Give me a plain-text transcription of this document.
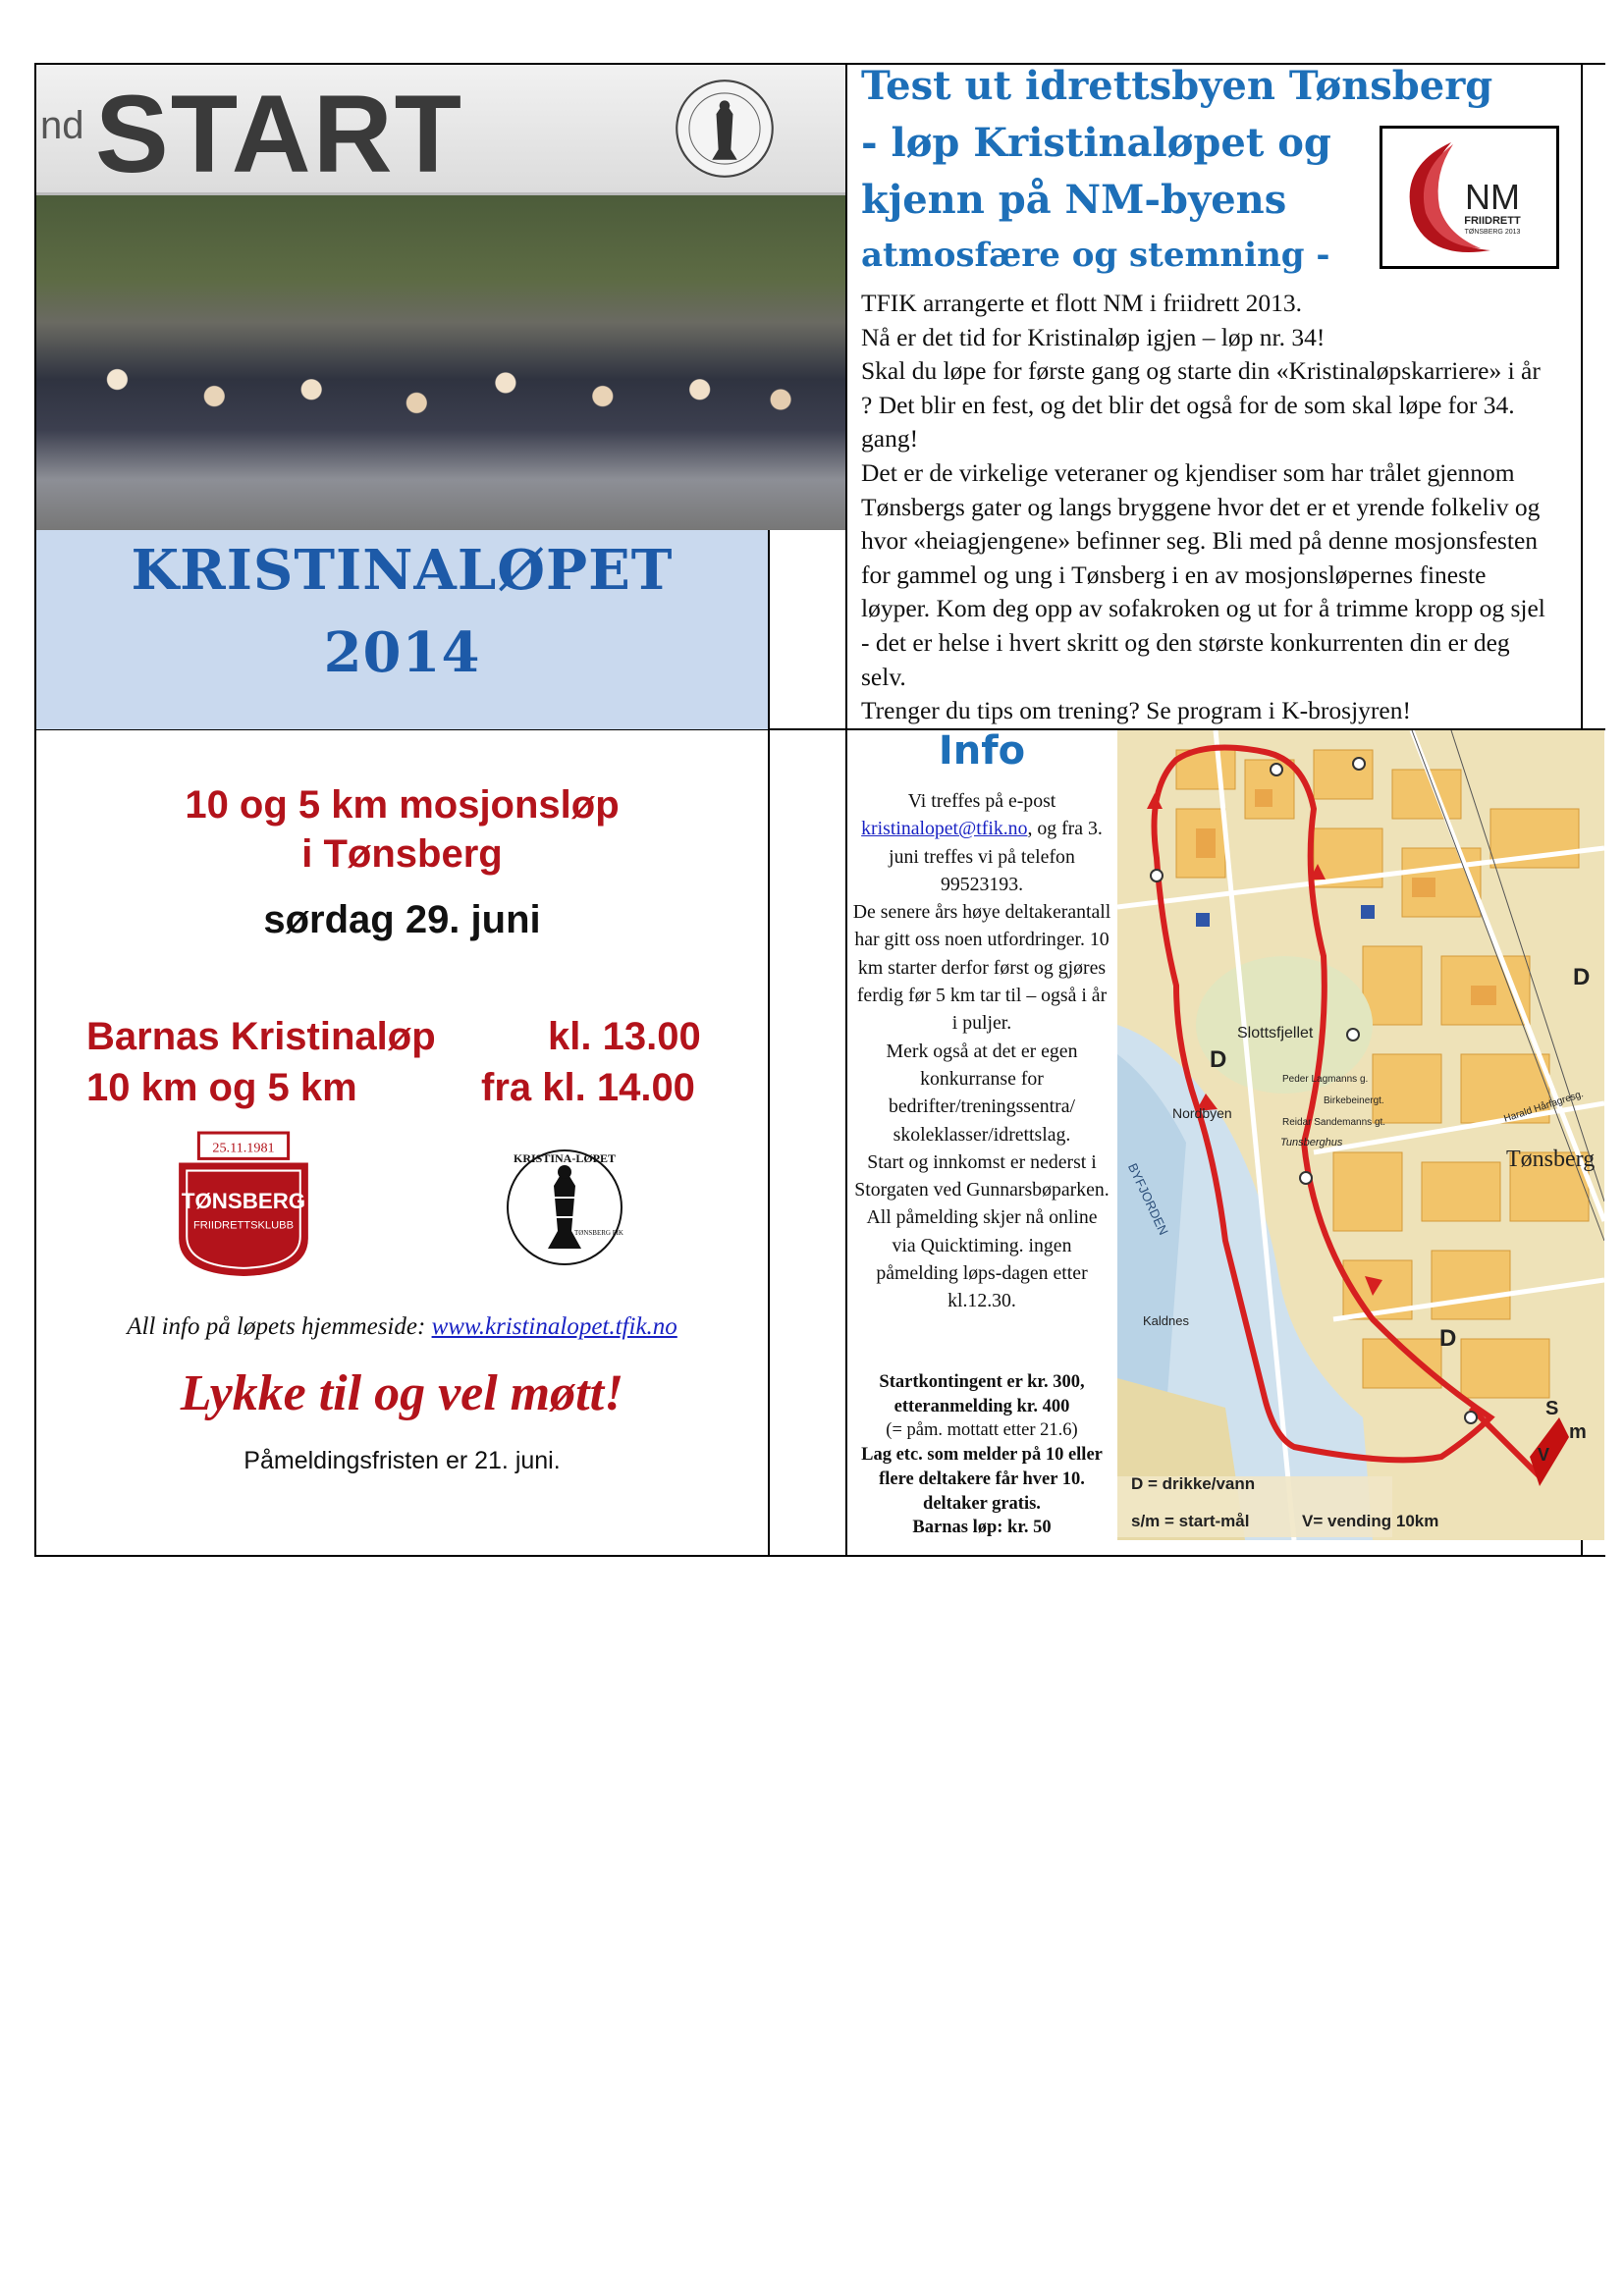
nd START
KRISTINALØPET
2014
10 og 5 km mosjonsløp
i Tønsberg
sørdag 29. juni
Barnas Kristinaløp	kl. 13.00
10 km og 5 km	fra kl. 14.00
25.11.1981
TØNSBERG
FRIIDRETTSKLUBB
KRISTINA-LØPET
TØNSBERG FIK
All info på løpets hjemmeside: www.kristinalopet.tfik.no
Lykke til og vel møtt!
Påmeldingsfristen er 21. juni.
Test ut idrettsbyen Tønsberg
- løp Kristinaløpet og
kjenn på NM-byens
atmosfære og stemning -
NM
FRIIDRETT
TØNSBERG 2013

TFIK arrangerte et flott NM i friidrett 2013.

Nå er det tid for Kristinaløp igjen – løp nr. 34!

Skal du løpe for første gang og starte din «Kristinaløpskarriere» i år ? Det blir en fest, og det blir det også for de som skal løpe for 34. gang!

Det er de virkelige veteraner og kjendiser som har trålet gjennom Tønsbergs gater og langs bryggene hvor det er et yrende folkeliv og hvor «heiagjengene» befinner seg. Bli med på denne mosjonsfesten for gammel og ung i Tønsberg i en av mosjonsløpernes fineste løyper. Kom deg opp av sofakroken og ut for å trimme kropp og sjel - det er helse i hvert skritt og den største konkurrenten din er deg selv.

Trenger du tips om trening? Se program i K-brosjyren!

Info
Vi treffes på e-post
kristinalopet@tfik.no, og fra 3. juni treffes vi på telefon 99523193.
De senere års høye deltakerantall har gitt oss noen utfordringer. 10 km starter derfor først og gjøres ferdig før 5 km tar til – også i år i puljer.
Merk også at det er egen konkurranse for bedrifter/treningssentra/ skoleklasser/idrettslag.
Start og innkomst er nederst i Storgaten ved Gunnarsbøparken.
All påmelding skjer nå online via Quicktiming. ingen påmelding løps-dagen etter kl.12.30.
Startkontingent er kr. 300, etteranmelding kr. 400
(= påm. mottatt etter 21.6)
Lag etc. som melder på 10 eller flere deltakere får hver 10. deltaker gratis.
Barnas løp: kr. 50
Slottsfjellet
Nordbyen
BYFJORDEN
Kaldnes
Tønsberg
Peder Lagmanns g.
Birkebeinergt.
Reidar Sandemanns gt.
Tunsberghus
Harald Hårfagresg.
D
D
D
S
V
m
D = drikke/vann
s/m = start-mål	V= vending 10km
